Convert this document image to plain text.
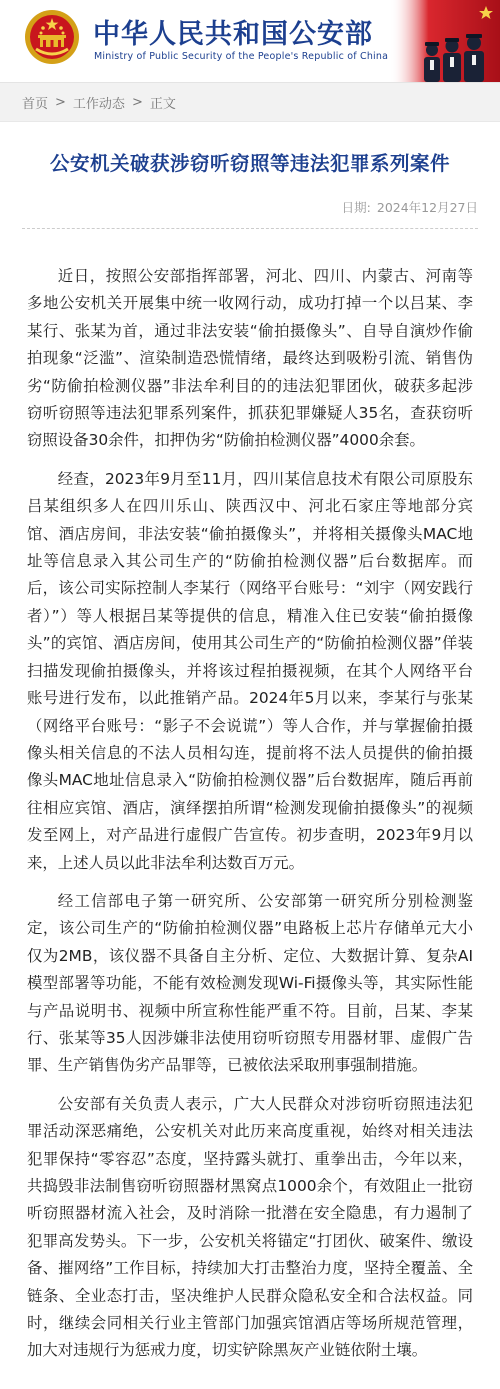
中华人民共和国公安部
Ministry of Public Security of the People's Republic of China
首页 > 工作动态 > 正文
公安机关破获涉窃听窃照等违法犯罪系列案件
日期: 2024年12月27日

近日，按照公安部指挥部署，河北、四川、内蒙古、河南等多地公安机关开展集中统一收网行动，成功打掉一个以吕某、李某行、张某为首，通过非法安装“偷拍摄像头”、自导自演炒作偷拍现象“泛滥”、渲染制造恐慌情绪，最终达到吸粉引流、销售伪劣“防偷拍检测仪器”非法牟利目的的违法犯罪团伙，破获多起涉窃听窃照等违法犯罪系列案件，抓获犯罪嫌疑人35名，查获窃听窃照设备30余件，扣押伪劣“防偷拍检测仪器”4000余套。

经查，2023年9月至11月，四川某信息技术有限公司原股东吕某组织多人在四川乐山、陕西汉中、河北石家庄等地部分宾馆、酒店房间，非法安装“偷拍摄像头”，并将相关摄像头MAC地址等信息录入其公司生产的“防偷拍检测仪器”后台数据库。而后，该公司实际控制人李某行（网络平台账号：“刘宇（网安践行者）”）等人根据吕某等提供的信息，精准入住已安装“偷拍摄像头”的宾馆、酒店房间，使用其公司生产的“防偷拍检测仪器”佯装扫描发现偷拍摄像头，并将该过程拍摄视频，在其个人网络平台账号进行发布，以此推销产品。2024年5月以来，李某行与张某（网络平台账号：“影子不会说谎”）等人合作，并与掌握偷拍摄像头相关信息的不法人员相勾连，提前将不法人员提供的偷拍摄像头MAC地址信息录入“防偷拍检测仪器”后台数据库，随后再前往相应宾馆、酒店，演绎摆拍所谓“检测发现偷拍摄像头”的视频发至网上，对产品进行虚假广告宣传。初步查明，2023年9月以来，上述人员以此非法牟利达数百万元。

经工信部电子第一研究所、公安部第一研究所分别检测鉴定，该公司生产的“防偷拍检测仪器”电路板上芯片存储单元大小仅为2MB，该仪器不具备自主分析、定位、大数据计算、复杂AI模型部署等功能，不能有效检测发现Wi-Fi摄像头等，其实际性能与产品说明书、视频中所宣称性能严重不符。目前，吕某、李某行、张某等35人因涉嫌非法使用窃听窃照专用器材罪、虚假广告罪、生产销售伪劣产品罪等，已被依法采取刑事强制措施。

公安部有关负责人表示，广大人民群众对涉窃听窃照违法犯罪活动深恶痛绝，公安机关对此历来高度重视，始终对相关违法犯罪保持“零容忍”态度，坚持露头就打、重拳出击，今年以来，共捣毁非法制售窃听窃照器材黑窝点1000余个，有效阻止一批窃听窃照器材流入社会，及时消除一批潜在安全隐患，有力遏制了犯罪高发势头。下一步，公安机关将锚定“打团伙、破案件、缴设备、摧网络”工作目标，持续加大打击整治力度，坚持全覆盖、全链条、全业态打击，坚决维护人民群众隐私安全和合法权益。同时，继续会同相关行业主管部门加强宾馆酒店等场所规范管理，加大对违规行为惩戒力度，切实铲除黑灰产业链依附土壤。
